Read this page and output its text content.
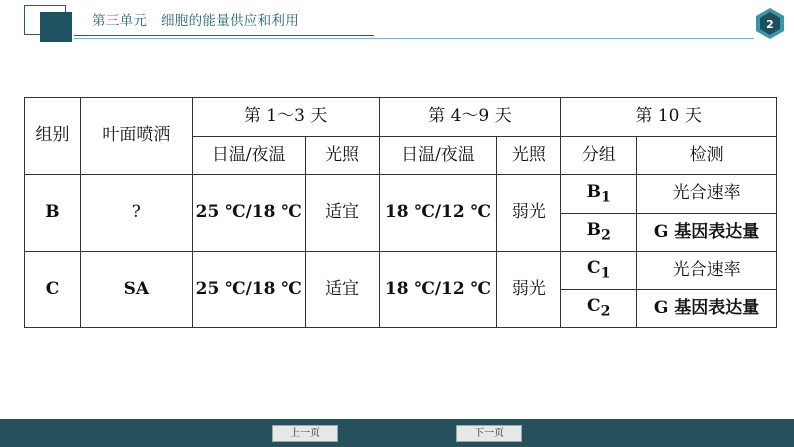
第三单元　细胞的能量供应和利用	2
组别	叶面喷洒	第 1～3 天		第 4～9 天		第 10 天	
		日温/夜温	光照	日温/夜温	光照	分组	检测
B	?	25 ℃/18 ℃	适宜	18 ℃/12 ℃	弱光	$B_1$	光合速率
						$B_2$	G 基因表达量
C	SA	25 ℃/18 ℃	适宜	18 ℃/12 ℃	弱光	$C_1$	光合速率
						$C_2$	G 基因表达量
上一页	下一页
